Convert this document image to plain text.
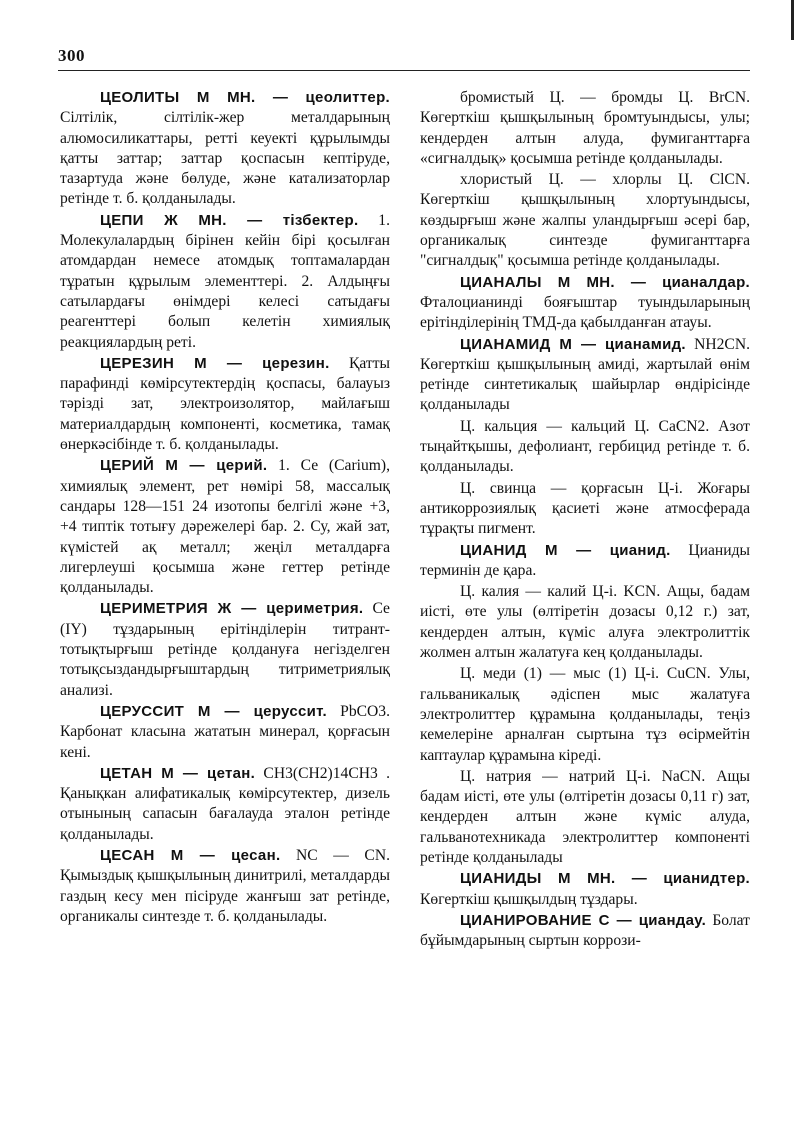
300

ЦЕОЛИТЫ М МН. — цеолиттер. Сілтілік, сілтілік-жер металдарының алюмосиликаттары, ретті кеуекті құрылымды қатты заттар; заттар қоспасын кептіруде, тазартуда және бөлуде, және катализаторлар ретінде т. б. қолданылады.

ЦЕПИ Ж МН. — тізбектер. 1. Молекулалардың бірінен кейін бірі қосылған атомдардан немесе атомдық топтамалардан тұратын құрылым элементтері. 2. Алдыңғы сатылардағы өнімдері келесі сатыдағы реагенттері болып келетін химиялық реакциялардың реті.

ЦЕРЕЗИН М — церезин. Қатты парафинді көмірсутектердің қоспасы, балауыз тәрізді зат, электроизолятор, майлағыш материалдардың компоненті, косметика, тамақ өнеркәсібінде т. б. қолданылады.

ЦЕРИЙ М — церий. 1. Се (Carium), химиялық элемент, рет нөмірі 58, массалық сандары 128—151 24 изотопы белгілі және +3, +4 типтік тотығу дәрежелері бар. 2. Су, жай зат, күмістей ақ металл; жеңіл металдарға лигерлеуші қосымша және геттер ретінде қолданылады.

ЦЕРИМЕТРИЯ Ж — цериметрия. Се (IY) тұздарының ерітінділерін титрант-тотықтырғыш ретінде қолдануға негізделген тотықсыздандырғыштардың титриметриялық анализі.

ЦЕРУССИТ М — церуссит. PbCO3. Карбонат класына жататын минерал, қорғасын кені.

ЦЕТАН М — цетан. CH3(CH2)14CH3 . Қанықкан алифатикалық көмірсутектер, дизель отынының сапасын бағалауда эталон ретінде қолданылады.

ЦЕСАН М — цесан. NC — CN. Қымыздық қышқылының динитрилі, металдарды газдың кесу мен пісіруде жанғыш зат ретінде, органикалы синтезде т. б. қолданылады.

бромистый Ц. — бромды Ц. BrCN. Көгерткіш қышқылының бромтуындысы, улы; кендерден алтын алуда, фумиганттарға «сигналдық» қосымша ретінде қолданылады.

хлористый Ц. — хлорлы Ц. ClCN. Көгерткіш қышқылының хлортуындысы, көздырғыш және жалпы уландырғыш әсері бар, органикалық синтезде фумиганттарға "сигналдық" қосымша ретінде қолданылады.

ЦИАНАЛЫ М МН. — цианалдар. Фталоцианинді бояғыштар туындыларының ерітінділерінің ТМД-да қабылданған атауы.

ЦИАНАМИД М — цианамид. NH2CN. Көгерткіш қышқылының амиді, жартылай өнім ретінде синтетикалық шайырлар өндірісінде қолданылады

Ц. кальция — кальций Ц. CaCN2. Азот тыңайтқышы, дефолиант, гербицид ретінде т. б. қолданылады.

Ц. свинца — қорғасын Ц-і. Жоғары антикоррозиялық қасиеті және атмосферада тұрақты пигмент.

ЦИАНИД М — цианид. Цианиды терминін де қара.

Ц. калия — калий Ц-і. KCN. Ащы, бадам иісті, өте улы (өлтіретін дозасы 0,12 г.) зат, кендерден алтын, күміс алуға электролиттік жолмен алтын жалатуға кең қолданылады.

Ц. меди (1) — мыс (1) Ц-і. CuCN. Улы, гальваникалық әдіспен мыс жалатуға электролиттер құрамына қолданылады, теңіз кемелеріне арналған сыртына тұз өсірмейтін каптаулар құрамына кіреді.

Ц. натрия — натрий Ц-і. NaCN. Ащы бадам иісті, өте улы (өлтіретін дозасы 0,11 г) зат, кендерден алтын және күміс алуда, гальванотехникада электролиттер компоненті ретінде қолданылады

ЦИАНИДЫ М МН. — цианидтер. Көгерткіш қышқылдың тұздары.

ЦИАНИРОВАНИЕ С — циандау. Болат бұйымдарының сыртын коррози-
